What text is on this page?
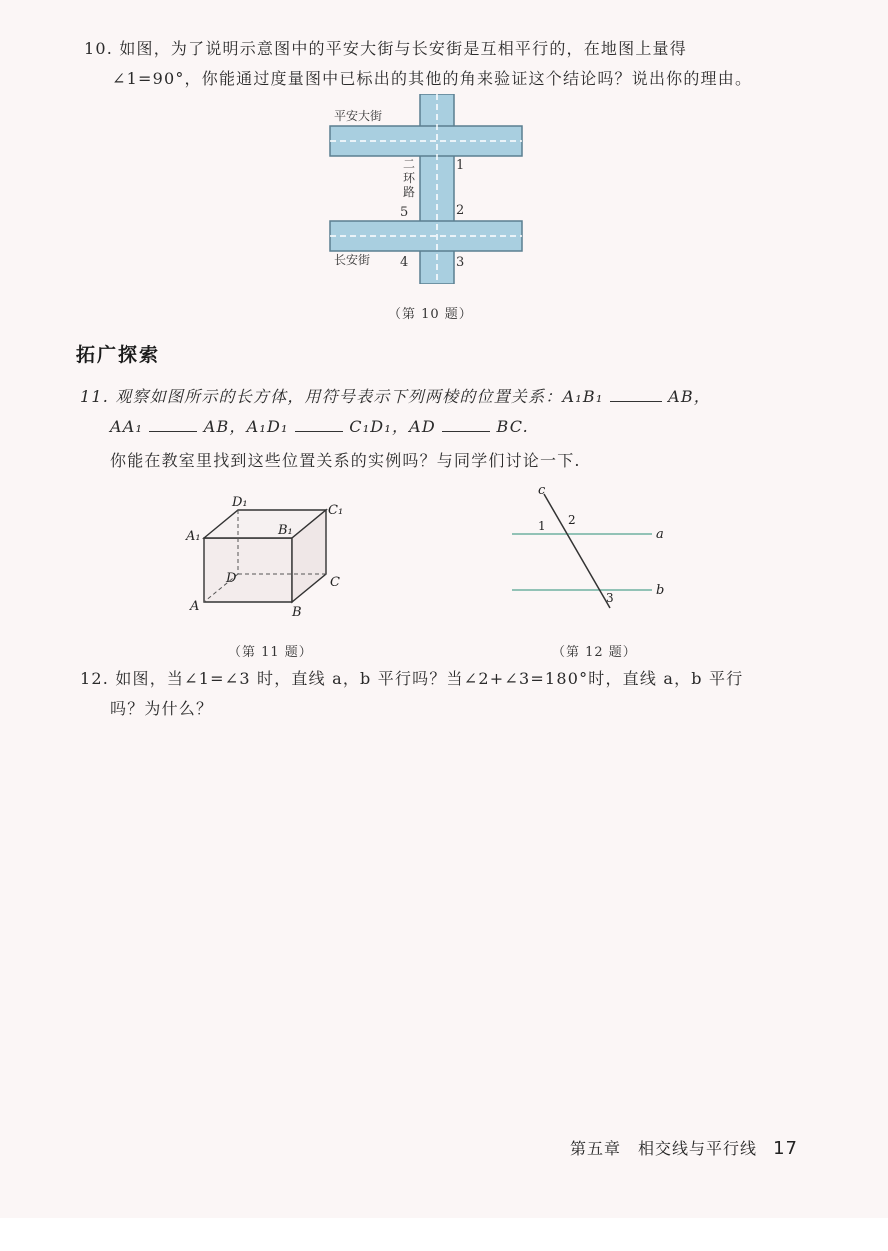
10. 如图，为了说明示意图中的平安大街与长安街是互相平行的，在地图上量得
∠1=90°，你能通过度量图中已标出的其他的角来验证这个结论吗？说出你的理由。
平安大街
二
环
路
5
1
2
长安街 4	3
（第 10 题）
拓广探索
11. 观察如图所示的长方体，用符号表示下列两棱的位置关系：A₁B₁	AB，
AA₁	AB，A₁D₁	C₁D₁，AD	BC.
你能在教室里找到这些位置关系的实例吗？与同学们讨论一下.
D₁
C₁
A₁	B₁
D	C
A	B
c
a
b
1 2
3
（第 11 题）	（第 12 题）
12. 如图，当∠1=∠3 时，直线 a，b 平行吗？当∠2+∠3=180°时，直线 a，b 平行
吗？为什么？
第五章　相交线与平行线 17
